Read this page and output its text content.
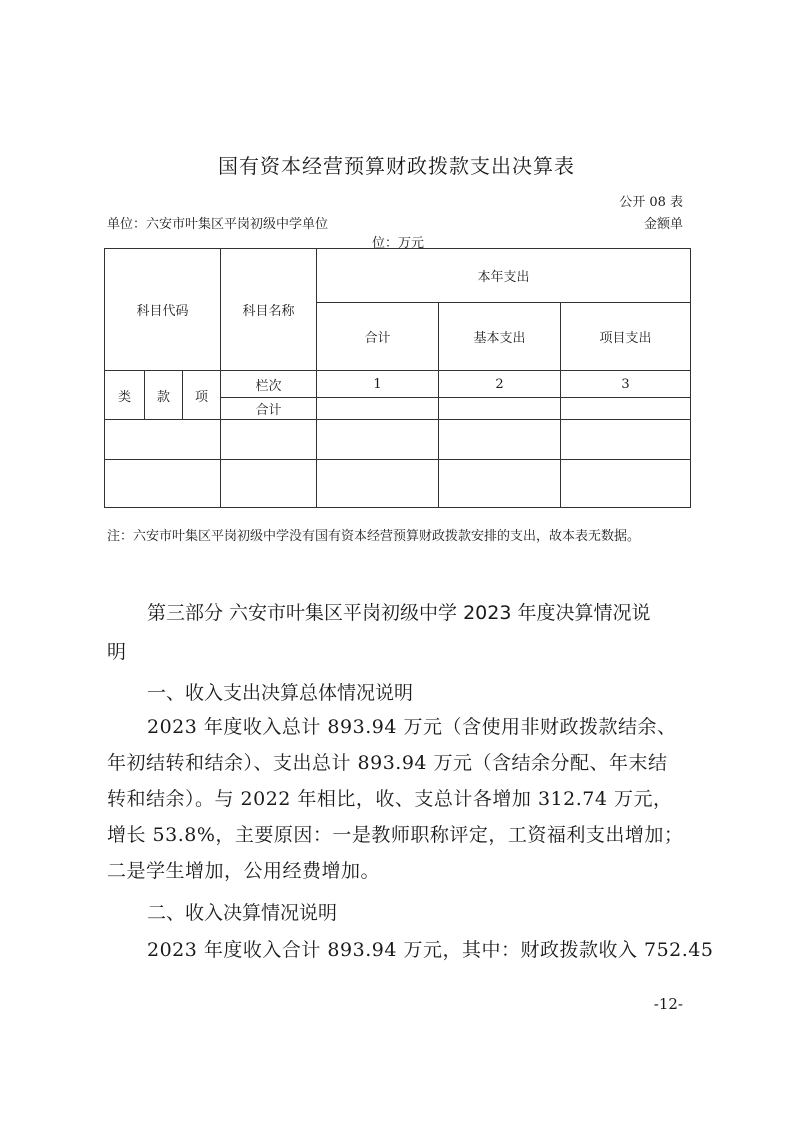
国有资本经营预算财政拨款支出决算表
公开 08 表
单位：六安市叶集区平岗初级中学单位	金额单
位：万元
科目代码			科目名称	本年支出		
				合计	基本支出	项目支出
类	款	项	栏次	1	2	3
			合计			

注：六安市叶集区平岗初级中学没有国有资本经营预算财政拨款安排的支出，故本表无数据。
第三部分 六安市叶集区平岗初级中学 2023 年度决算情况说
明
一、收入支出决算总体情况说明
2023 年度收入总计 893.94 万元（含使用非财政拨款结余、
年初结转和结余）、支出总计 893.94 万元（含结余分配、年末结
转和结余）。与 2022 年相比，收、支总计各增加 312.74 万元，
增长 53.8%，主要原因：一是教师职称评定，工资福利支出增加；
二是学生增加，公用经费增加。
二、收入决算情况说明
2023 年度收入合计 893.94 万元，其中：财政拨款收入 752.45
-12-
